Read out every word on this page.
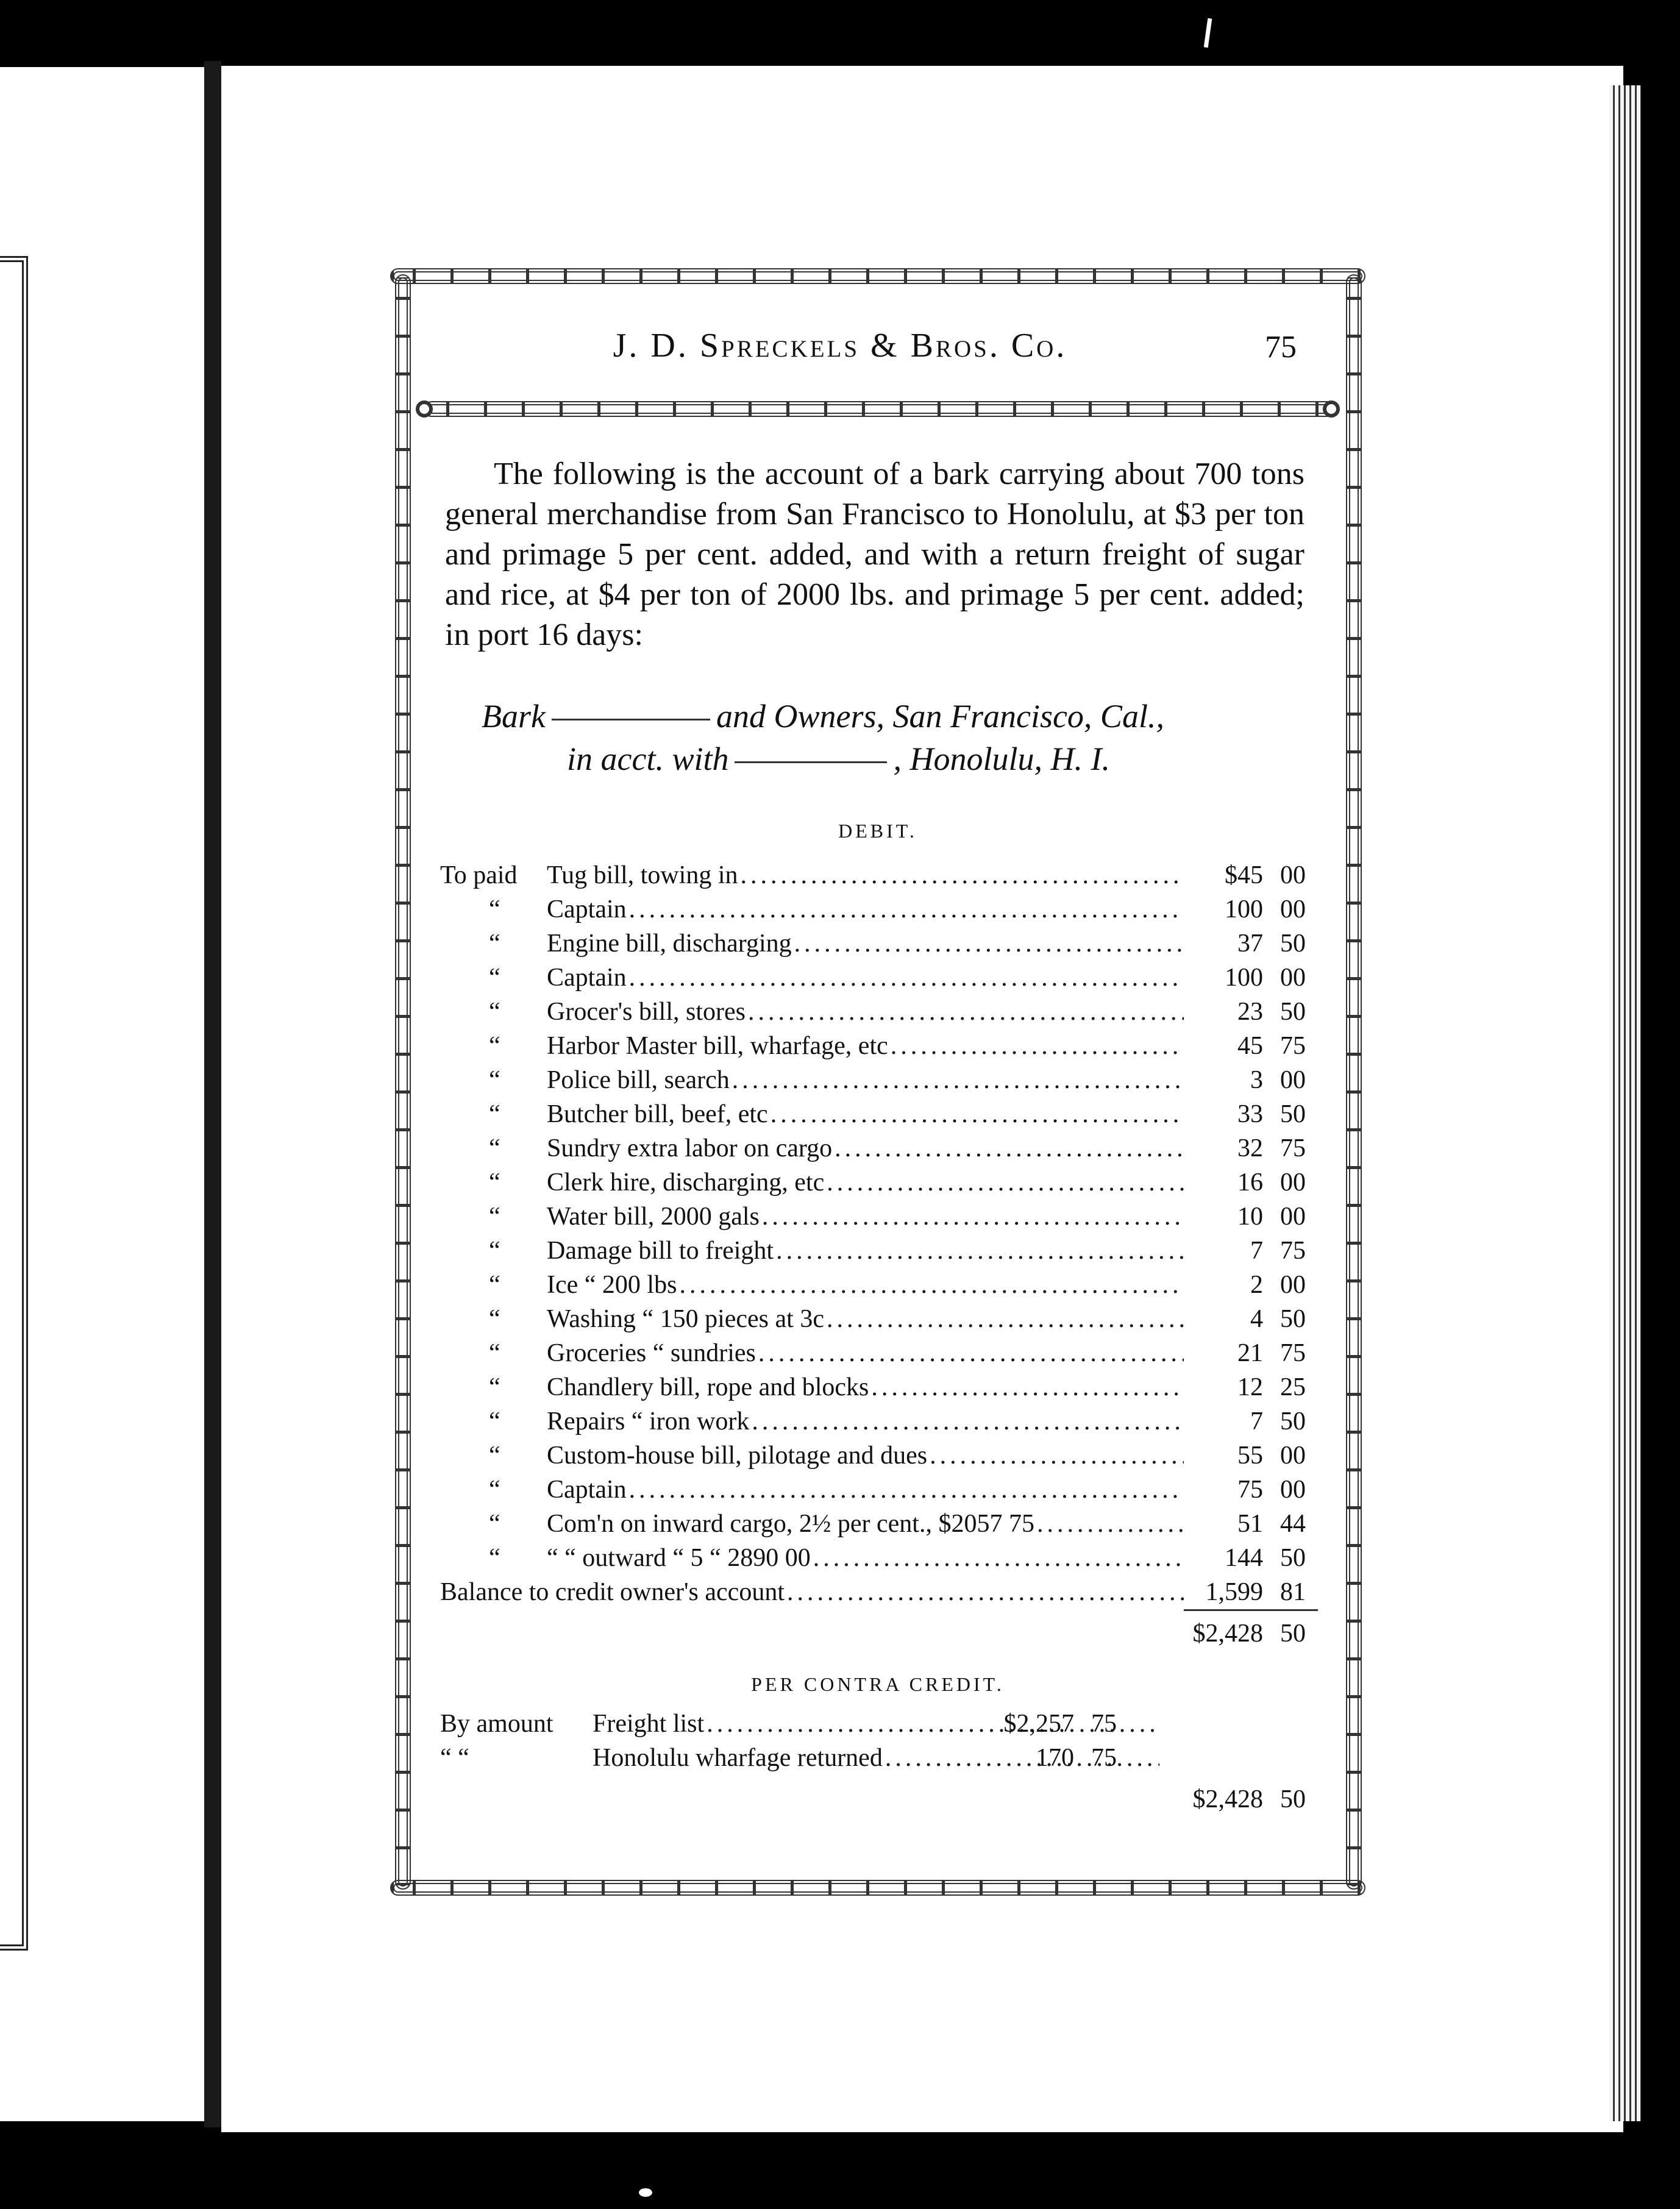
J. D. Spreckels & Bros. Co.	75

The following is the account of a bark carrying about 700 tons general merchandise from San Francisco to Honolulu, at $3 per ton and primage 5 per cent. added, and with a return freight of sugar and rice, at $4 per ton of 2000 lbs. and primage 5 per cent. added; in port 16 days:

Bark	and Owners, San Francisco, Cal.,
in acct. with	, Honolulu, H. I.
DEBIT.
To paid Tug bill, towing in .....	$45 00
“ Captain .....	100 00
“ Engine bill, discharging .....	37 50
“ Captain .....	100 00
“ Grocer's bill, stores .....	23 50
“ Harbor Master bill, wharfage, etc .....	45 75
“ Police bill, search .....	3 00
“ Butcher bill, beef, etc .....	33 50
“ Sundry extra labor on cargo .....	32 75
“ Clerk hire, discharging, etc .....	16 00
“ Water bill, 2000 gals .....	10 00
“ Damage bill to freight .....	7 75
“ Ice “ 200 lbs .....	2 00
“ Washing “ 150 pieces at 3c .....	4 50
“ Groceries “ sundries .....	21 75
“ Chandlery bill, rope and blocks .....	12 25
“ Repairs “ iron work .....	7 50
“ Custom-house bill, pilotage and dues .....	55 00
“ Captain .....	75 00
“ Com'n on inward cargo, 2½ per cent., $2057 75 .....	51 44
“ “ “ outward “ 5 “ 2890 00 .....	144 50
Balance to credit owner's account .....	1,599 81
$2,428 50
PER CONTRA CREDIT.
By amount Freight list .....	$2,257 75
“ “	Honolulu wharfage returned .....	170 75
$2,428 50
